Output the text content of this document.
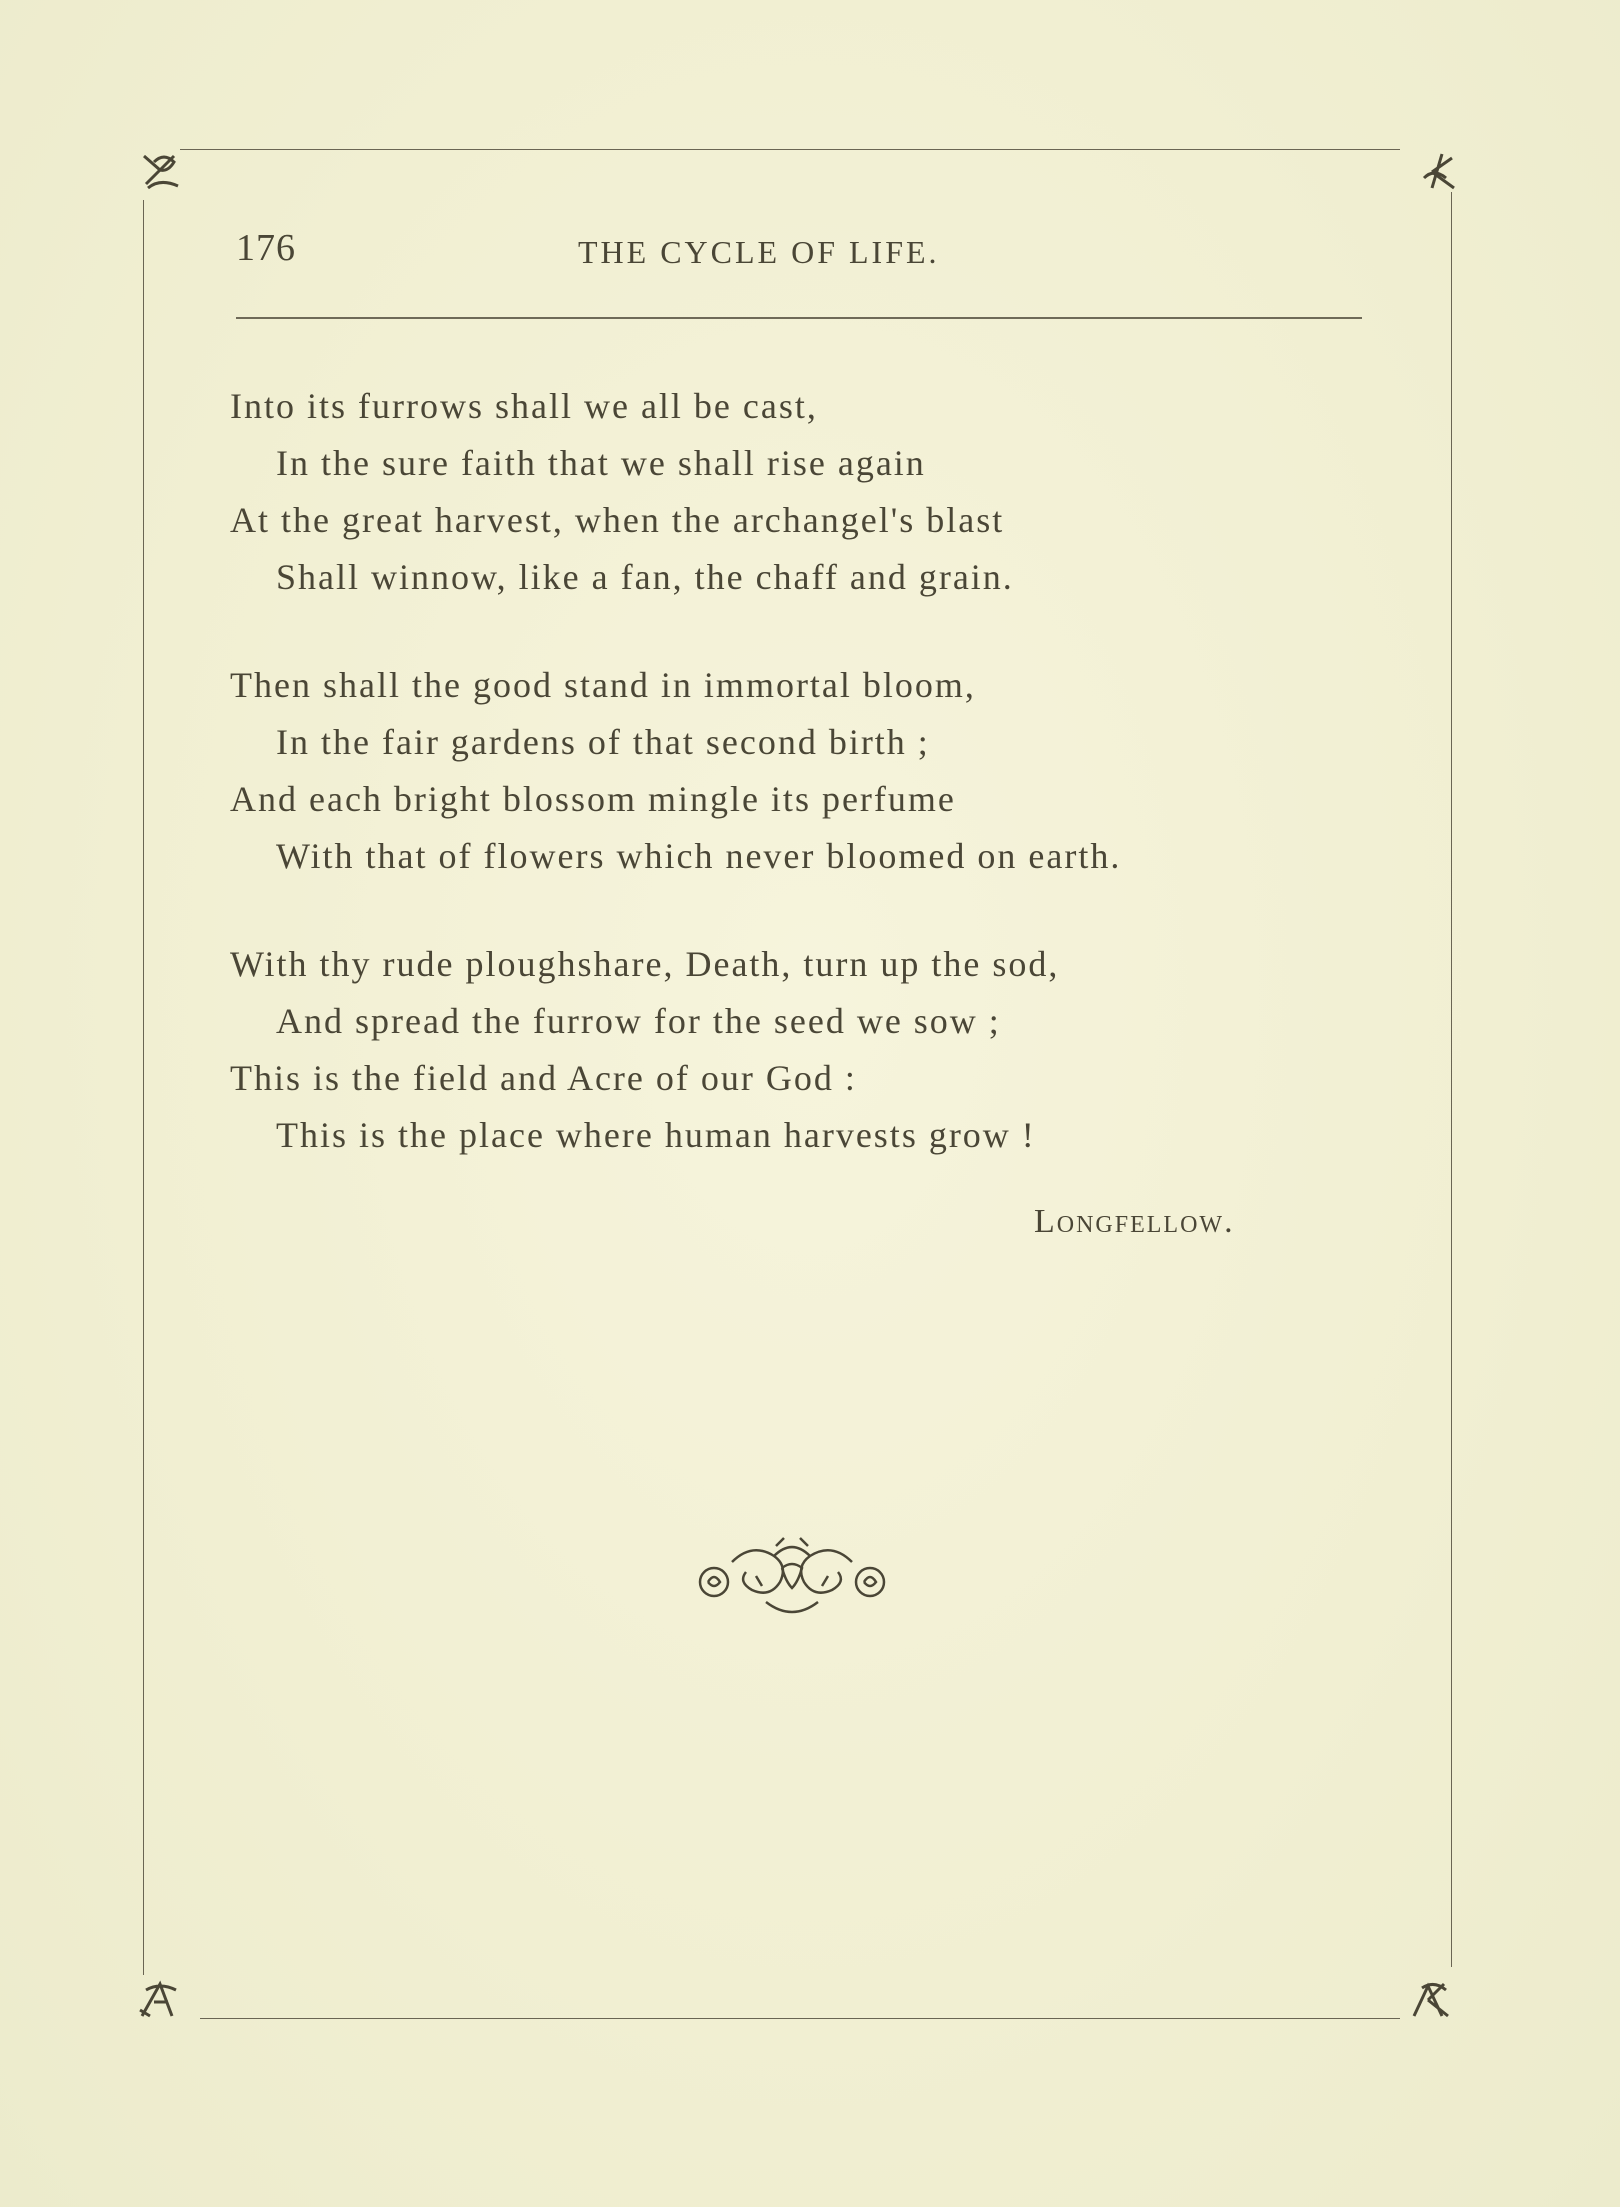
176	THE CYCLE OF LIFE.
Into its furrows shall we all be cast,
In the sure faith that we shall rise again
At the great harvest, when the archangel's blast
Shall winnow, like a fan, the chaff and grain.
Then shall the good stand in immortal bloom,
In the fair gardens of that second birth ;
And each bright blossom mingle its perfume
With that of flowers which never bloomed on earth.
With thy rude ploughshare, Death, turn up the sod,
And spread the furrow for the seed we sow ;
This is the field and Acre of our God :
This is the place where human harvests grow !
Longfellow.
